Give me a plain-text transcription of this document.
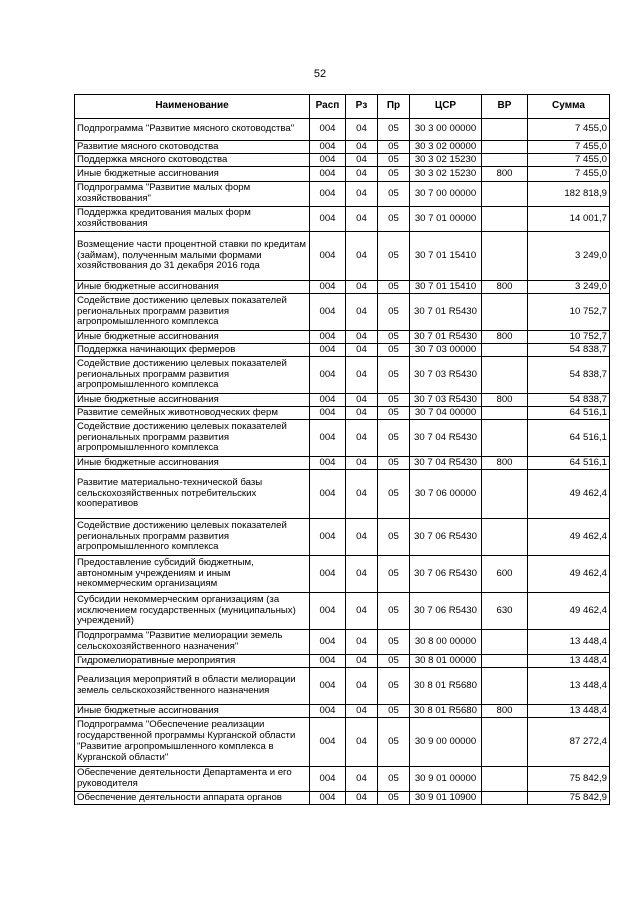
52
Наименование	Расп	Рз	Пр	ЦСР	ВР	Сумма
Подпрограмма "Развитие мясного скотоводства"	004	04	05	30 3 00 00000		7 455,0
Развитие мясного скотоводства	004	04	05	30 3 02 00000		7 455,0
Поддержка мясного скотоводства	004	04	05	30 3 02 15230		7 455,0
Иные бюджетные ассигнования	004	04	05	30 3 02 15230	800	7 455,0
Подпрограмма "Развитие малых форм хозяйствования"	004	04	05	30 7 00 00000		182 818,9
Поддержка кредитования малых форм хозяйствования	004	04	05	30 7 01 00000		14 001,7
Возмещение части процентной ставки по кредитам (займам), полученным малыми формами хозяйствования до 31 декабря 2016 года	004	04	05	30 7 01 15410		3 249,0
Иные бюджетные ассигнования	004	04	05	30 7 01 15410	800	3 249,0
Содействие достижению целевых показателей региональных программ развития агропромышленного комплекса	004	04	05	30 7 01 R5430		10 752,7
Иные бюджетные ассигнования	004	04	05	30 7 01 R5430	800	10 752,7
Поддержка начинающих фермеров	004	04	05	30 7 03 00000		54 838,7
Содействие достижению целевых показателей региональных программ развития агропромышленного комплекса	004	04	05	30 7 03 R5430		54 838,7
Иные бюджетные ассигнования	004	04	05	30 7 03 R5430	800	54 838,7
Развитие семейных животноводческих ферм	004	04	05	30 7 04 00000		64 516,1
Содействие достижению целевых показателей региональных программ развития агропромышленного комплекса	004	04	05	30 7 04 R5430		64 516,1
Иные бюджетные ассигнования	004	04	05	30 7 04 R5430	800	64 516,1
Развитие материально-технической базы сельскохозяйственных потребительских кооперативов	004	04	05	30 7 06 00000		49 462,4
Содействие достижению целевых показателей региональных программ развития агропромышленного комплекса	004	04	05	30 7 06 R5430		49 462,4
Предоставление субсидий бюджетным, автономным учреждениям и иным некоммерческим организациям	004	04	05	30 7 06 R5430	600	49 462,4
Субсидии некоммерческим организациям (за исключением государственных (муниципальных) учреждений)	004	04	05	30 7 06 R5430	630	49 462,4
Подпрограмма "Развитие мелиорации земель сельскохозяйственного назначения"	004	04	05	30 8 00 00000		13 448,4
Гидромелиоративные мероприятия	004	04	05	30 8 01 00000		13 448,4
Реализация мероприятий в области мелиорации земель сельскохозяйственного назначения	004	04	05	30 8 01 R5680		13 448,4
Иные бюджетные ассигнования	004	04	05	30 8 01 R5680	800	13 448,4
Подпрограмма "Обеспечение реализации государственной программы Курганской области "Развитие агропромышленного комплекса в Курганской области"	004	04	05	30 9 00 00000		87 272,4
Обеспечение деятельности Департамента и его руководителя	004	04	05	30 9 01 00000		75 842,9
Обеспечение деятельности аппарата органов	004	04	05	30 9 01 10900		75 842,9
